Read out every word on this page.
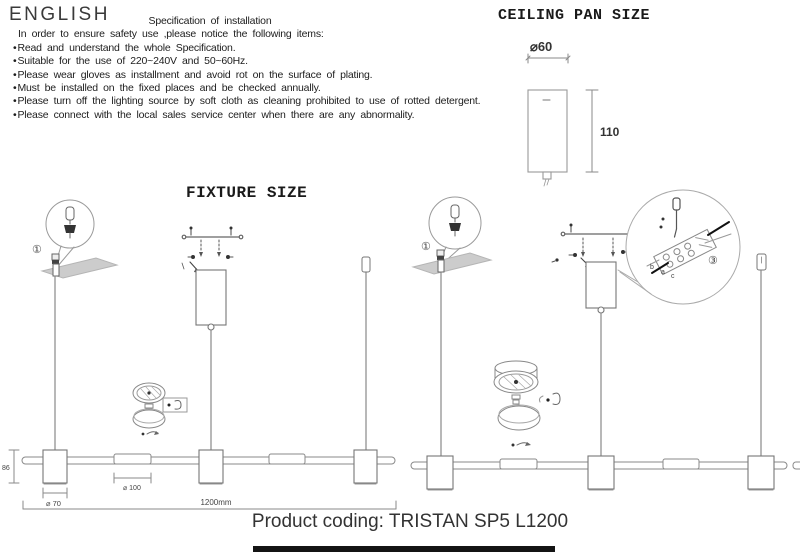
ENGLISH	Specification of installation
In order to ensure safety use ,please notice the following items:
•Read and understand the whole Specification.
•Suitable for the use of 220~240V and 50~60Hz.
•Please wear gloves as installment and avoid rot on the surface of plating.
•Must be installed on the fixed places and be checked annually.
•Please turn off the lighting source by soft cloth as cleaning prohibited to use of rotted detergent.
•Please connect with the local sales service center when there are any abnormality.
CEILING PAN SIZE
⌀60
110
FIXTURE SIZE
①
86
⌀ 70
⌀ 100
1200mm
①
b
a
c
③
Product coding: TRISTAN SP5 L1200
